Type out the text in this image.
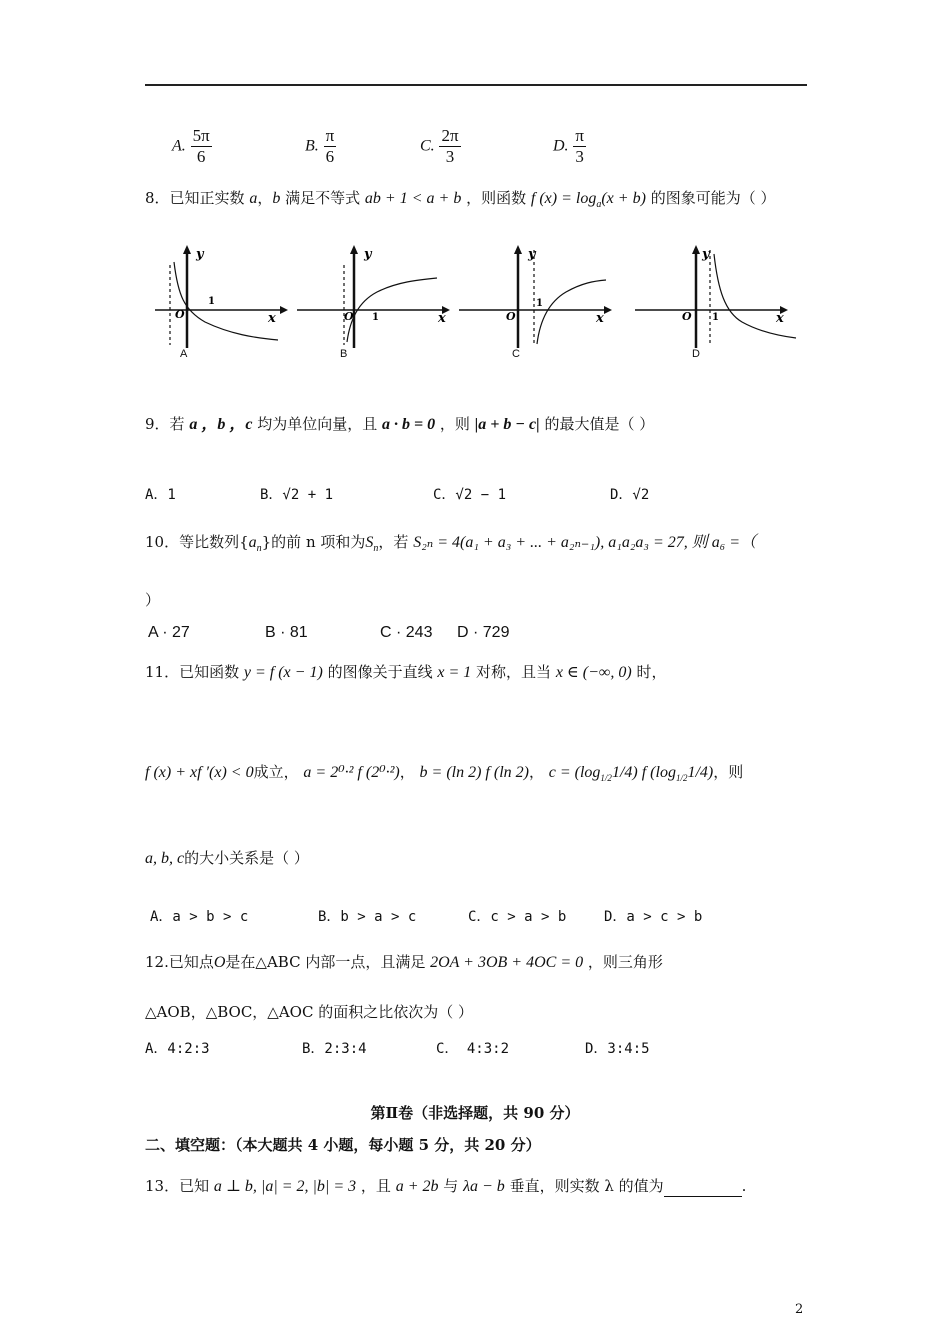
A. $\frac{5\pi}{6}$	B. $\frac{\pi}{6}$	C. $\frac{2\pi}{3}$	D. $\frac{\pi}{3}$
8．已知正实数 a，b 满足不等式 ab + 1 < a + b ，则函数 f $(x) = \log_a(x + b)$ 的图象可能为（ ）
y
O
1
x
A
y
O 1	x
B
y
O
1
x
C
y
O 1	x
D
9．若 a ，b ，c 均为单位向量，且 a · b = 0 ，则 |a + b − c| 的最大值是（ ）
A．1	B．√2 + 1	C．√2 − 1	D．√2
10．等比数列$\{a_n\}$的前 n 项和为$S_n$，若 S₂ₙ = 4(a₁ + a₃ + ... + a₂ₙ₋₁), a₁a₂a₃ = 27, 则 a₆ =（
）
A · 27	B · 81	C · 243 D · 729
11．已知函数 y = f (x − 1) 的图像关于直线 x = 1 对称，且当 x ∈ (−∞, 0) 时，
f (x) + xf ′(x) < 0成立， a = 2⁰·² f (2⁰·²)， b = (ln 2) f (ln 2)， $c = (\log_{1/2}1/4)$ f $(\log_{1/2}1/4)$，则
a, b, c的大小关系是（ ）
A．a > b > c	B．b > a > c	C．c > a > b	D．a > c > b
12.已知点O是在△ABC 内部一点，且满足 2OA + 3OB + 4OC = 0 ，则三角形
△AOB，△BOC，△AOC 的面积之比依次为（ ）
A．4:2:3	B．2:3:4	C． 4:3:2	D．3:4:5
第Ⅱ卷（非选择题，共 90 分）
二、填空题：（本大题共 4 小题，每小题 5 分，共 20 分）
13．已知 a ⊥ b, |a| = 2, |b| = 3 ，且 a + 2b 与 λa − b 垂直，则实数 λ 的值为	.
2
